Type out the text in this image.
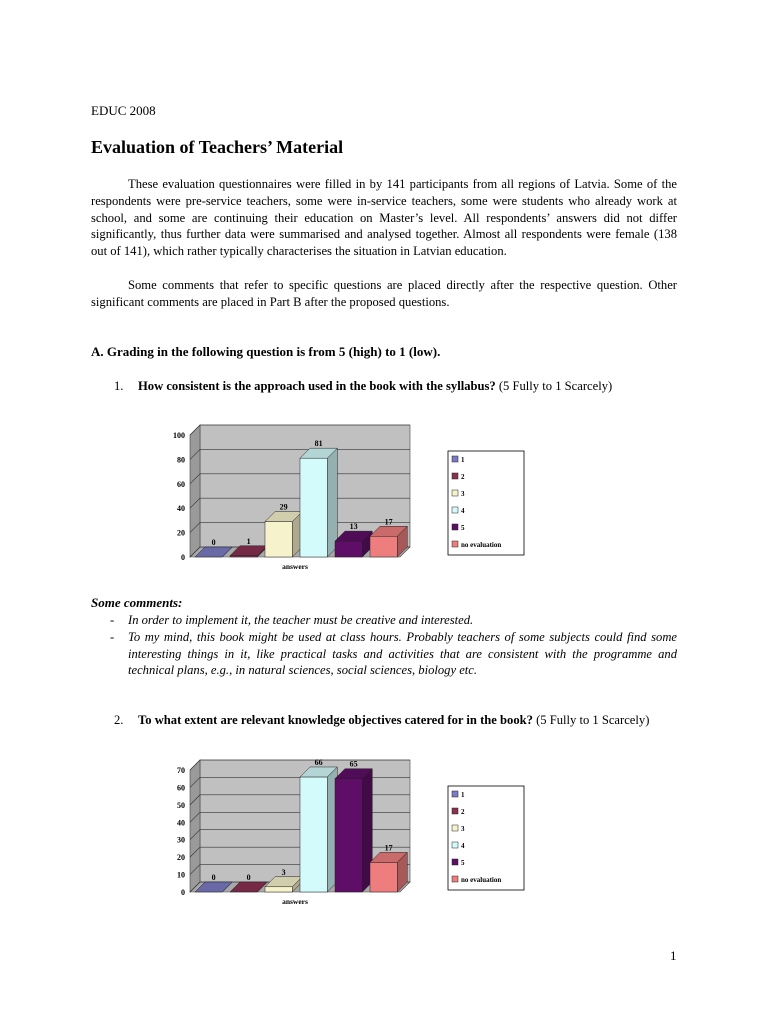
EDUC 2008
Evaluation of Teachers’ Material

These evaluation questionnaires were filled in by 141 participants from all regions of Latvia. Some of the respondents were pre-service teachers, some were in-service teachers, some were students who already work at school, and some are continuing their education on Master’s level. All respondents’ answers did not differ significantly, thus further data were summarised and analysed together. Almost all respondents were female (138 out of 141), which rather typically characterises the situation in Latvian education.

Some comments that refer to specific questions are placed directly after the respective question. Other significant comments are placed in Part B after the proposed questions.

A. Grading in the following question is from 5 (high) to 1 (low).

1. How consistent is the approach used in the book with the syllabus? (5 Fully to 1 Scarcely)

0
20
40
60
80
100
0	1
29
81
13
17
answers
1
2
3
4
5
no evaluation
Some comments:
- In order to implement it, the teacher must be creative and interested.
- To my mind, this book might be used at class hours. Probably teachers of some subjects could find some interesting things in it, like practical tasks and activities that are consistent with the programme and technical plans, e.g., in natural sciences, social sciences, biology etc.

2. To what extent are relevant knowledge objectives catered for in the book? (5 Fully to 1 Scarcely)

0
10
20
30
40
50
60
70
0	0
3
66	65
17
answers
1
2
3
4
5
no evaluation
1
